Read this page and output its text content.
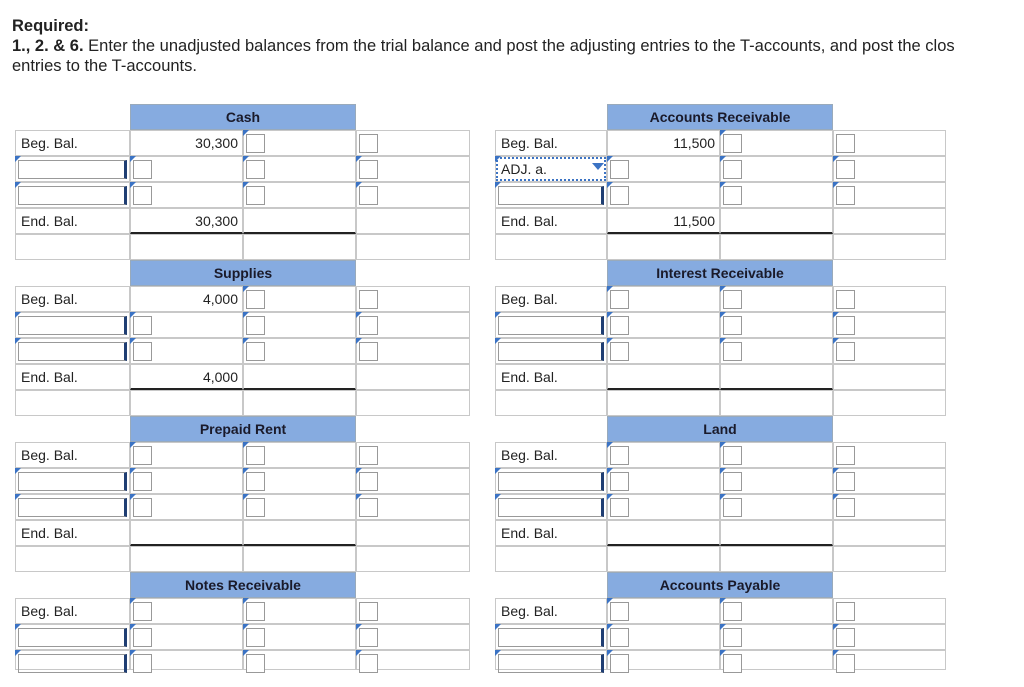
Required:
1., 2. & 6. Enter the unadjusted balances from the trial balance and post the adjusting entries to the T-accounts, and post the clos
entries to the T-accounts.
Cash
Beg. Bal.	30,300
End. Bal.	30,300
Accounts Receivable
Beg. Bal.	11,500
ADJ. a.
End. Bal.	11,500
Supplies
Beg. Bal.	4,000
End. Bal.	4,000
Interest Receivable
Beg. Bal.
End. Bal.
Prepaid Rent
Beg. Bal.
End. Bal.
Land
Beg. Bal.
End. Bal.
Notes Receivable
Beg. Bal.
Accounts Payable
Beg. Bal.
